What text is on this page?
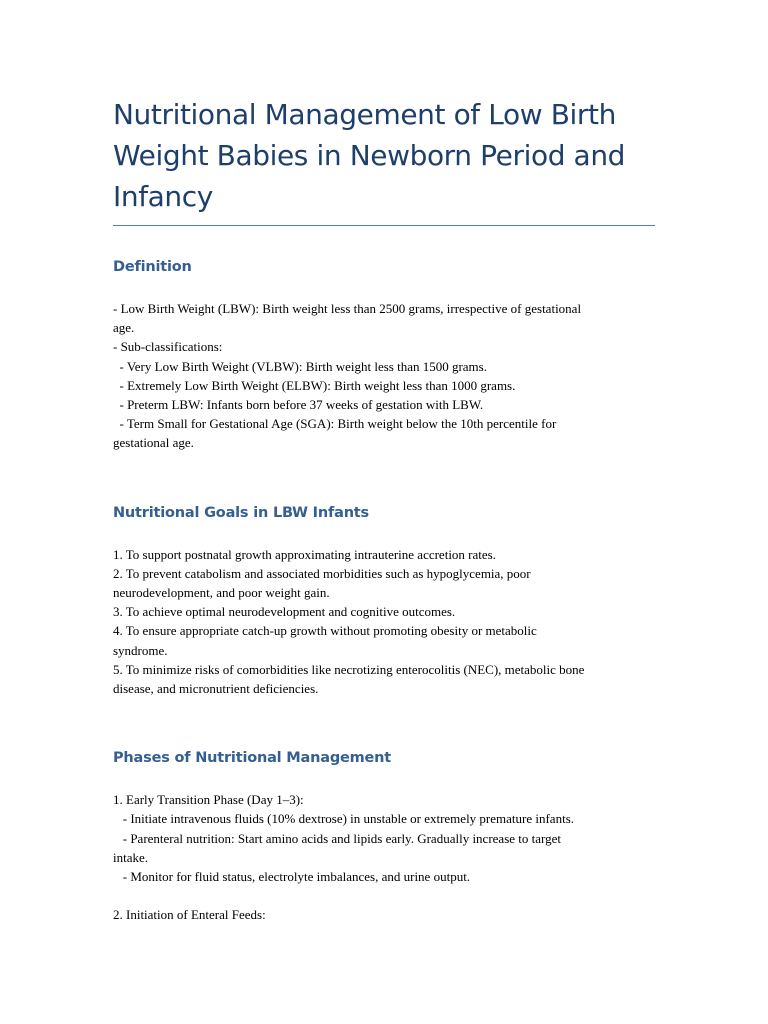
Nutritional Management of Low Birth
Weight Babies in Newborn Period and
Infancy
Definition
- Low Birth Weight (LBW): Birth weight less than 2500 grams, irrespective of gestational
age.
- Sub-classifications:
- Very Low Birth Weight (VLBW): Birth weight less than 1500 grams.
- Extremely Low Birth Weight (ELBW): Birth weight less than 1000 grams.
- Preterm LBW: Infants born before 37 weeks of gestation with LBW.
- Term Small for Gestational Age (SGA): Birth weight below the 10th percentile for
gestational age.
Nutritional Goals in LBW Infants
1. To support postnatal growth approximating intrauterine accretion rates.
2. To prevent catabolism and associated morbidities such as hypoglycemia, poor
neurodevelopment, and poor weight gain.
3. To achieve optimal neurodevelopment and cognitive outcomes.
4. To ensure appropriate catch-up growth without promoting obesity or metabolic
syndrome.
5. To minimize risks of comorbidities like necrotizing enterocolitis (NEC), metabolic bone
disease, and micronutrient deficiencies.
Phases of Nutritional Management
1. Early Transition Phase (Day 1–3):
- Initiate intravenous fluids (10% dextrose) in unstable or extremely premature infants.
- Parenteral nutrition: Start amino acids and lipids early. Gradually increase to target
intake.
- Monitor for fluid status, electrolyte imbalances, and urine output.
2. Initiation of Enteral Feeds:
